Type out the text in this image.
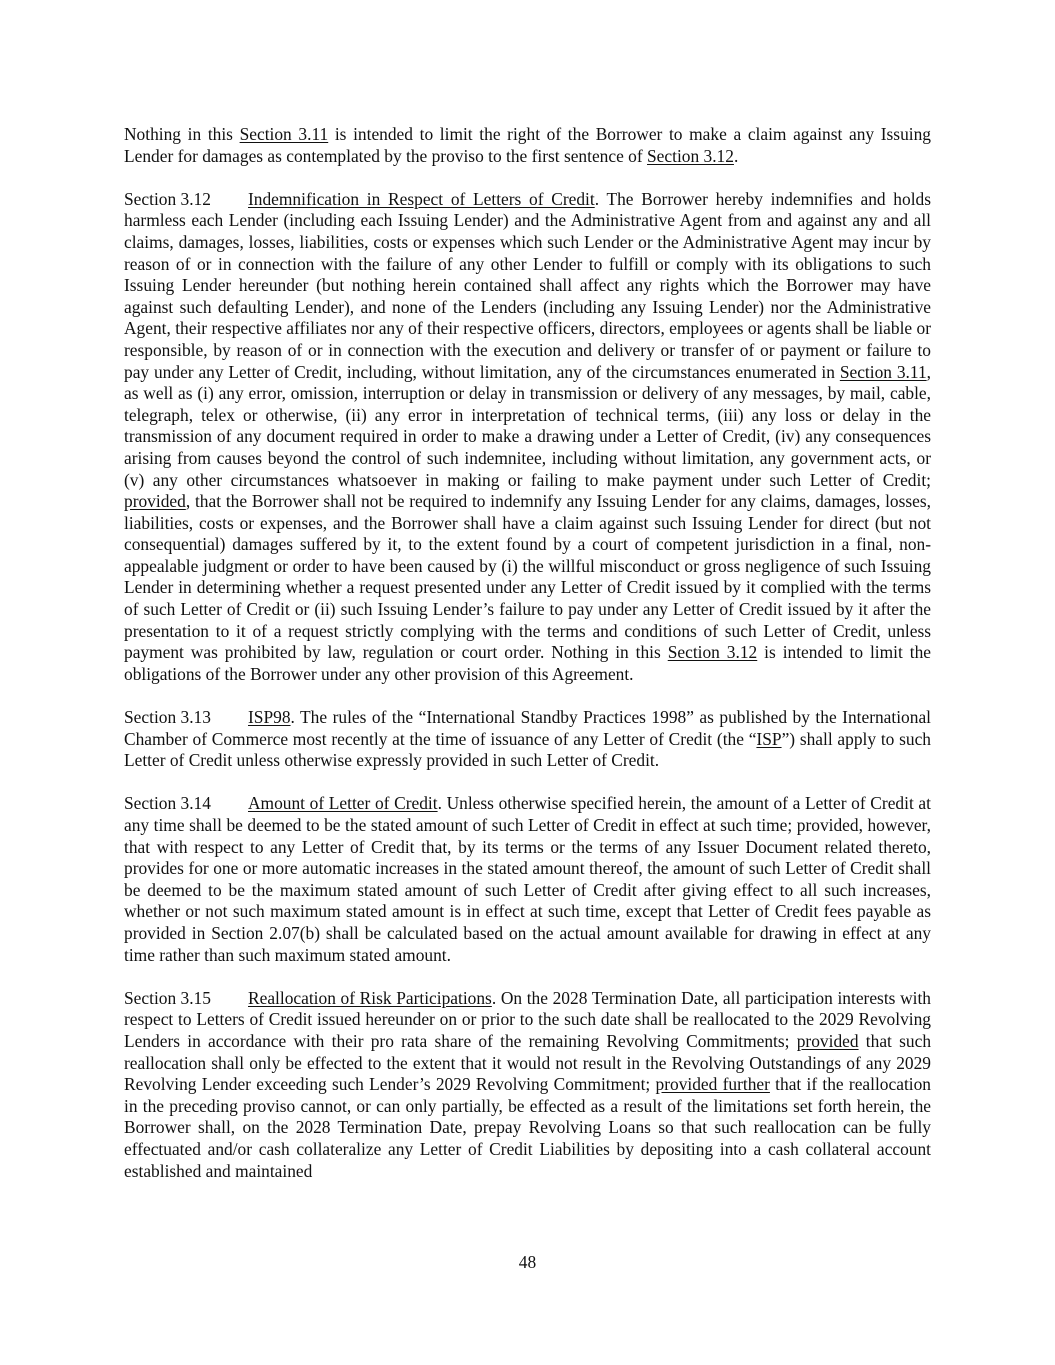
Nothing in this Section 3.11 is intended to limit the right of the Borrower to make a claim against any Issuing Lender for damages as contemplated by the proviso to the first sentence of Section 3.12.

Section 3.12 Indemnification in Respect of Letters of Credit. The Borrower hereby indemnifies and holds harmless each Lender (including each Issuing Lender) and the Administrative Agent from and against any and all claims, damages, losses, liabilities, costs or expenses which such Lender or the Administrative Agent may incur by reason of or in connection with the failure of any other Lender to fulfill or comply with its obligations to such Issuing Lender hereunder (but nothing herein contained shall affect any rights which the Borrower may have against such defaulting Lender), and none of the Lenders (including any Issuing Lender) nor the Administrative Agent, their respective affiliates nor any of their respective officers, directors, employees or agents shall be liable or responsible, by reason of or in connection with the execution and delivery or transfer of or payment or failure to pay under any Letter of Credit, including, without limitation, any of the circumstances enumerated in Section 3.11, as well as (i) any error, omission, interruption or delay in transmission or delivery of any messages, by mail, cable, telegraph, telex or otherwise, (ii) any error in interpretation of technical terms, (iii) any loss or delay in the transmission of any document required in order to make a drawing under a Letter of Credit, (iv) any consequences arising from causes beyond the control of such indemnitee, including without limitation, any government acts, or (v) any other circumstances whatsoever in making or failing to make payment under such Letter of Credit; provided, that the Borrower shall not be required to indemnify any Issuing Lender for any claims, damages, losses, liabilities, costs or expenses, and the Borrower shall have a claim against such Issuing Lender for direct (but not consequential) damages suffered by it, to the extent found by a court of competent jurisdiction in a final, non-appealable judgment or order to have been caused by (i) the willful misconduct or gross negligence of such Issuing Lender in determining whether a request presented under any Letter of Credit issued by it complied with the terms of such Letter of Credit or (ii) such Issuing Lender’s failure to pay under any Letter of Credit issued by it after the presentation to it of a request strictly complying with the terms and conditions of such Letter of Credit, unless payment was prohibited by law, regulation or court order. Nothing in this Section 3.12 is intended to limit the obligations of the Borrower under any other provision of this Agreement.

Section 3.13 ISP98. The rules of the “International Standby Practices 1998” as published by the International Chamber of Commerce most recently at the time of issuance of any Letter of Credit (the “ISP”) shall apply to such Letter of Credit unless otherwise expressly provided in such Letter of Credit.

Section 3.14 Amount of Letter of Credit. Unless otherwise specified herein, the amount of a Letter of Credit at any time shall be deemed to be the stated amount of such Letter of Credit in effect at such time; provided, however, that with respect to any Letter of Credit that, by its terms or the terms of any Issuer Document related thereto, provides for one or more automatic increases in the stated amount thereof, the amount of such Letter of Credit shall be deemed to be the maximum stated amount of such Letter of Credit after giving effect to all such increases, whether or not such maximum stated amount is in effect at such time, except that Letter of Credit fees payable as provided in Section 2.07(b) shall be calculated based on the actual amount available for drawing in effect at any time rather than such maximum stated amount.

Section 3.15 Reallocation of Risk Participations. On the 2028 Termination Date, all participation interests with respect to Letters of Credit issued hereunder on or prior to the such date shall be reallocated to the 2029 Revolving Lenders in accordance with their pro rata share of the remaining Revolving Commitments; provided that such reallocation shall only be effected to the extent that it would not result in the Revolving Outstandings of any 2029 Revolving Lender exceeding such Lender’s 2029 Revolving Commitment; provided further that if the reallocation in the preceding proviso cannot, or can only partially, be effected as a result of the limitations set forth herein, the Borrower shall, on the 2028 Termination Date, prepay Revolving Loans so that such reallocation can be fully effectuated and/or cash collateralize any Letter of Credit Liabilities by depositing into a cash collateral account established and maintained

48
